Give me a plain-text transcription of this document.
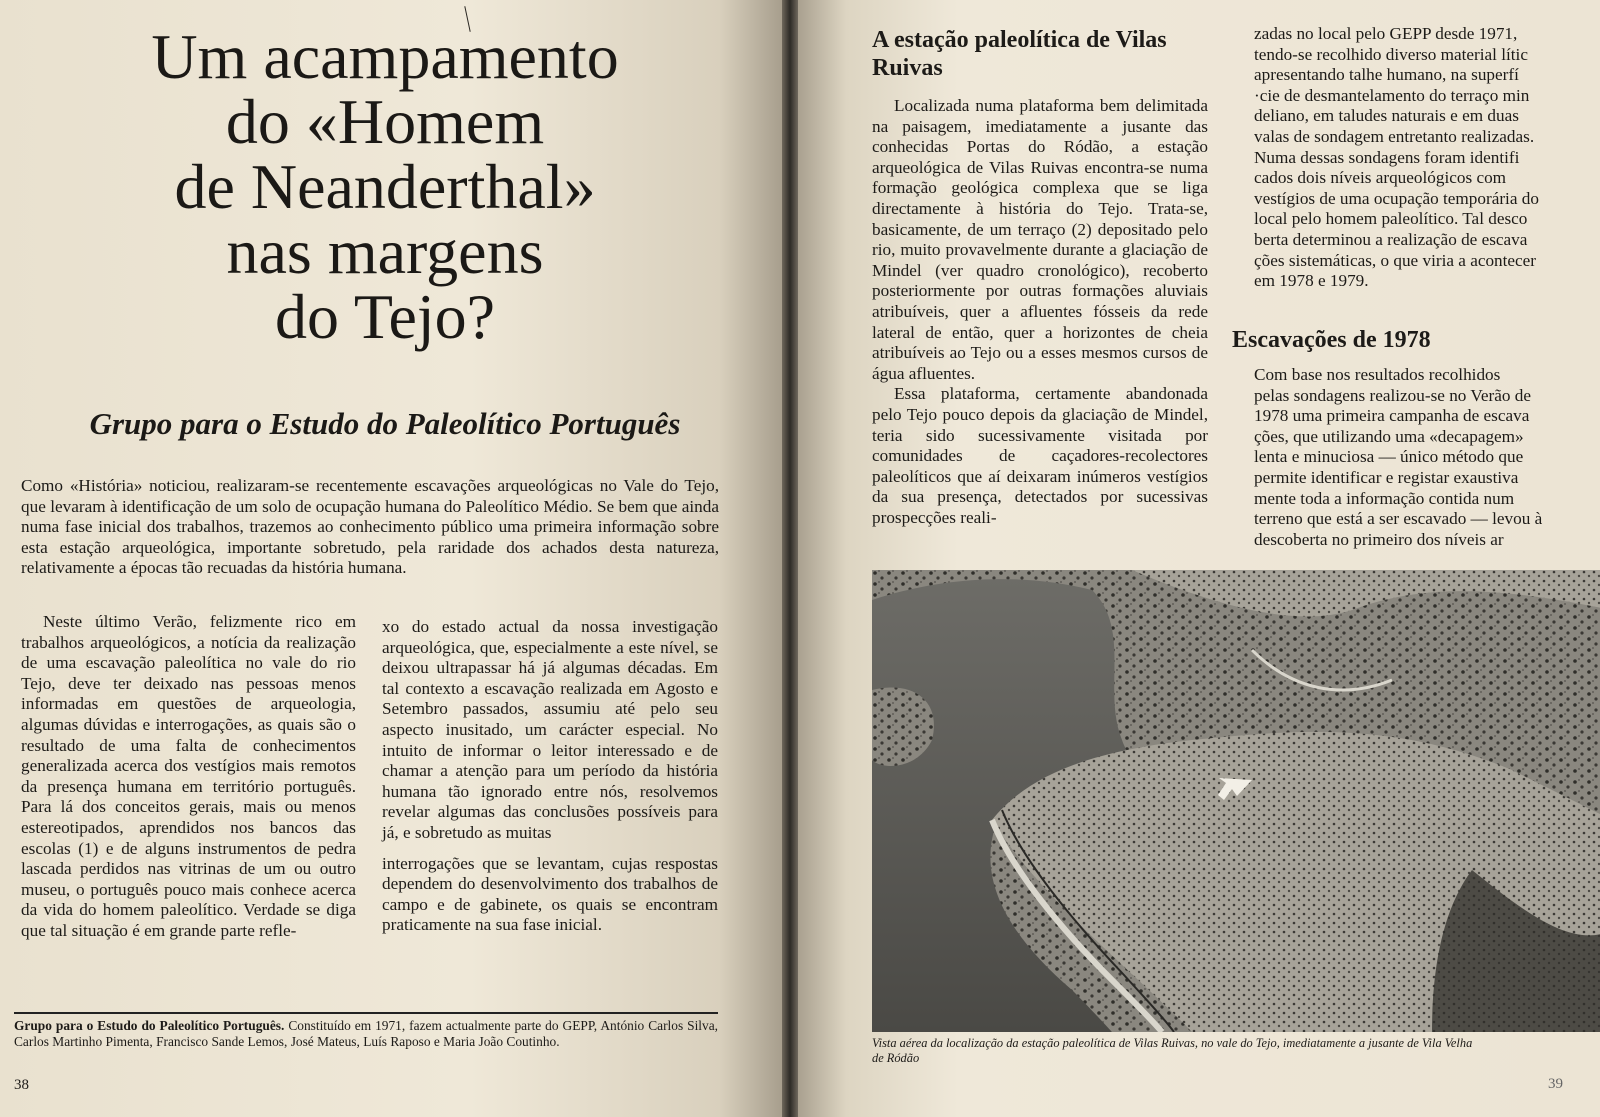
Um acampamento
do «Homem
de Neanderthal»
nas margens
do Tejo?
Grupo para o Estudo do Paleolítico Português

Como «História» noticiou, realizaram-se recentemente escavações arqueológicas no Vale do Tejo, que levaram à identificação de um solo de ocupação humana do Paleolítico Médio. Se bem que ainda numa fase inicial dos trabalhos, trazemos ao conhecimento público uma primeira informação sobre esta estação arqueológica, importante sobretudo, pela raridade dos achados desta natureza, relativamente a épocas tão recuadas da história humana.

Neste último Verão, felizmente rico em trabalhos arqueológicos, a notícia da realização de uma escavação paleolítica no vale do rio Tejo, deve ter deixado nas pessoas menos informadas em questões de arqueologia, algumas dúvidas e interrogações, as quais são o resultado de uma falta de conhecimentos generalizada acerca dos vestígios mais remotos da presença humana em território português. Para lá dos conceitos gerais, mais ou menos estereotipados, aprendidos nos bancos das escolas (1) e de alguns instrumentos de pedra lascada perdidos nas vitrinas de um ou outro museu, o português pouco mais conhece acerca da vida do homem paleolítico. Verdade se diga que tal situação é em grande parte refle-

xo do estado actual da nossa investigação arqueológica, que, especialmente a este nível, se deixou ultrapassar há já algumas décadas. Em tal contexto a escavação realizada em Agosto e Setembro passados, assumiu até pelo seu aspecto inusitado, um carácter especial. No intuito de informar o leitor interessado e de chamar a atenção para um período da história humana tão ignorado entre nós, resolvemos revelar algumas das conclusões possíveis para já, e sobretudo as muitas

interrogações que se levantam, cujas respostas dependem do desenvolvimento dos trabalhos de campo e de gabinete, os quais se encontram praticamente na sua fase inicial.

Grupo para o Estudo do Paleolítico Português. Constituído em 1971, fazem actualmente parte do GEPP, António Carlos Silva, Carlos Martinho Pimenta, Francisco Sande Lemos, José Mateus, Luís Raposo e Maria João Coutinho.

38

A estação paleolítica de Vilas Ruivas

Localizada numa plataforma bem delimitada na paisagem, imediatamente a jusante das conhecidas Portas do Ródão, a estação arqueológica de Vilas Ruivas encontra-se numa formação geológica complexa que se liga directamente à história do Tejo. Trata-se, basicamente, de um terraço (2) depositado pelo rio, muito provavelmente durante a glaciação de Mindel (ver quadro cronológico), recoberto posteriormente por outras formações aluviais atribuíveis, quer a afluentes fósseis da rede lateral de então, quer a horizontes de cheia atribuíveis ao Tejo ou a esses mesmos cursos de água afluentes.

Essa plataforma, certamente abandonada pelo Tejo pouco depois da glaciação de Mindel, teria sido sucessivamente visitada por comunidades de caçadores-recolectores paleolíticos que aí deixaram inúmeros vestígios da sua presença, detectados por sucessivas prospecções reali-

zadas no local pelo GEPP desde 1971,

tendo-se recolhido diverso material lític

apresentando talhe humano, na superfí

·cie de desmantelamento do terraço min

deliano, em taludes naturais e em duas

valas de sondagem entretanto realizadas.

Numa dessas sondagens foram identifi

cados dois níveis arqueológicos com

vestígios de uma ocupação temporária do

local pelo homem paleolítico. Tal desco

berta determinou a realização de escava

ções sistemáticas, o que viria a acontecer

em 1978 e 1979.

Escavações de 1978

Com base nos resultados recolhidos

pelas sondagens realizou-se no Verão de

1978 uma primeira campanha de escava

ções, que utilizando uma «decapagem»

lenta e minuciosa — único método que

permite identificar e registar exaustiva

mente toda a informação contida num

terreno que está a ser escavado — levou à

descoberta no primeiro dos níveis ar

Vista aérea da localização da estação paleolítica de Vilas Ruivas, no vale do Tejo, imediatamente a jusante de Vila Velha
de Ródão

39
